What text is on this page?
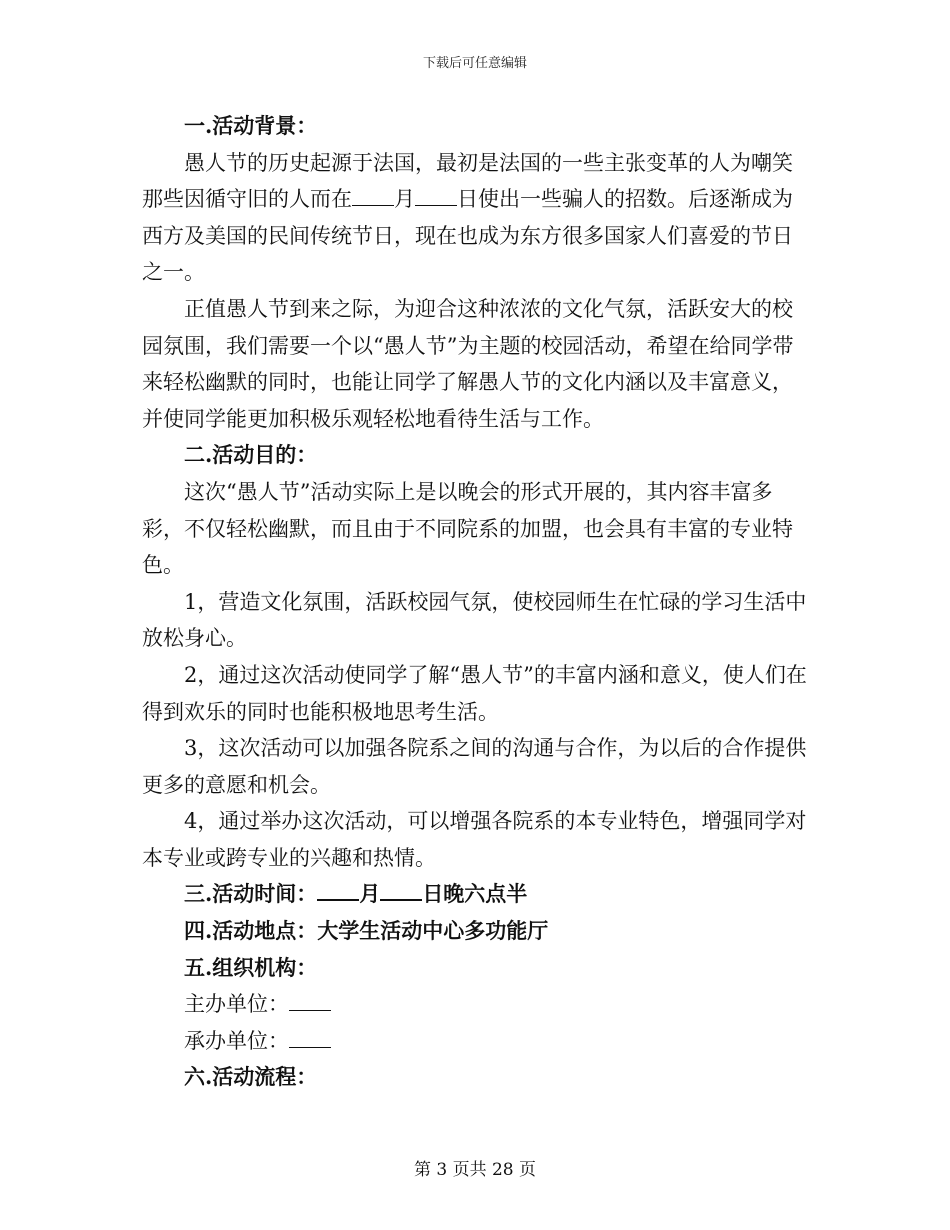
下载后可任意编辑

一.活动背景：

愚人节的历史起源于法国，最初是法国的一些主张变革的人为嘲笑那些因循守旧的人而在 月 日使出一些骗人的招数。后逐渐成为西方及美国的民间传统节日，现在也成为东方很多国家人们喜爱的节日之一。

正值愚人节到来之际，为迎合这种浓浓的文化气氛，活跃安大的校园氛围，我们需要一个以“愚人节”为主题的校园活动，希望在给同学带来轻松幽默的同时，也能让同学了解愚人节的文化内涵以及丰富意义，并使同学能更加积极乐观轻松地看待生活与工作。

二.活动目的：

这次“愚人节”活动实际上是以晚会的形式开展的，其内容丰富多彩，不仅轻松幽默，而且由于不同院系的加盟，也会具有丰富的专业特色。

1，营造文化氛围，活跃校园气氛，使校园师生在忙碌的学习生活中放松身心。

2，通过这次活动使同学了解“愚人节”的丰富内涵和意义，使人们在得到欢乐的同时也能积极地思考生活。

3，这次活动可以加强各院系之间的沟通与合作，为以后的合作提供更多的意愿和机会。

4，通过举办这次活动，可以增强各院系的本专业特色，增强同学对本专业或跨专业的兴趣和热情。

三.活动时间： 月 日晚六点半

四.活动地点：大学生活动中心多功能厅

五.组织机构：

主办单位：

承办单位：

六.活动流程：

第 3 页共 28 页
